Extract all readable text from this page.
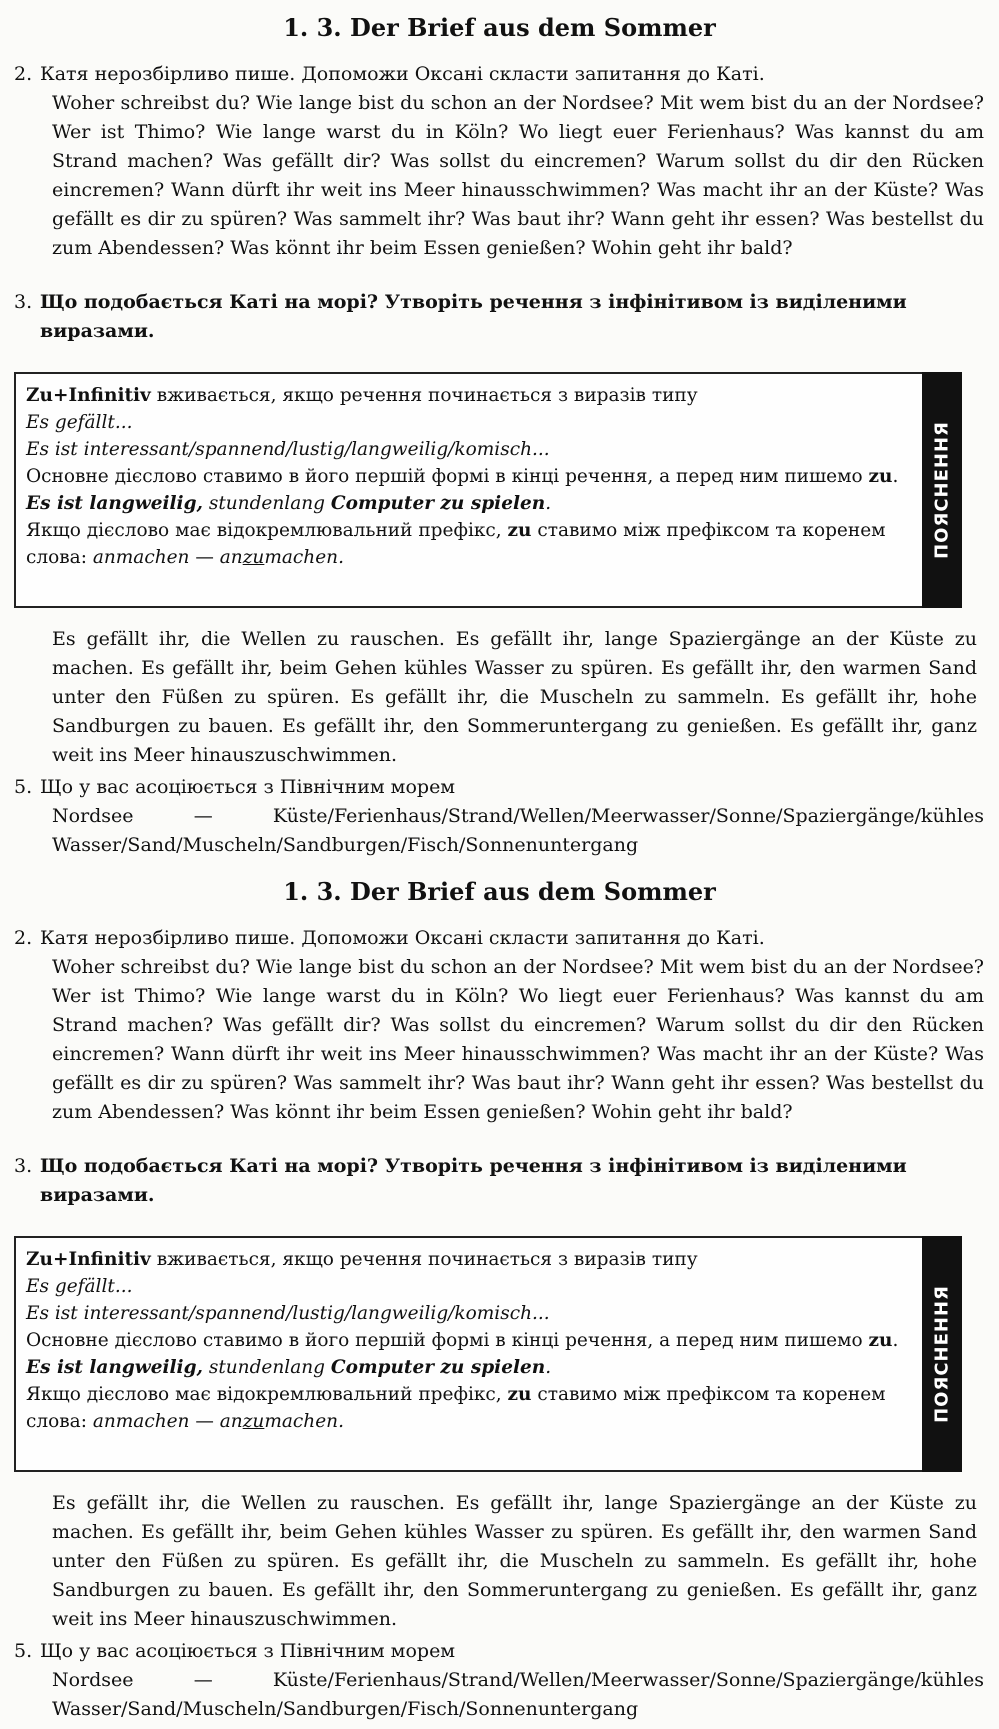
1. 3. Der Brief aus dem Sommer
2. Катя нерозбірливо пише. Допоможи Оксані скласти запитання до Каті.
Woher schreibst du? Wie lange bist du schon an der Nordsee? Mit wem bist du an der Nordsee? Wer ist Thimo? Wie lange warst du in Köln? Wo liegt euer Ferienhaus? Was kannst du am Strand machen? Was gefällt dir? Was sollst du eincremen? Warum sollst du dir den Rücken eincremen? Wann dürft ihr weit ins Meer hinausschwimmen? Was macht ihr an der Küste? Was gefällt es dir zu spüren? Was sammelt ihr? Was baut ihr? Wann geht ihr essen? Was bestellst du zum Abendessen? Was könnt ihr beim Essen genießen? Wohin geht ihr bald?
3. Що подобається Каті на морі? Утворіть речення з інфінітивом із виділеними виразами.
Zu+Infinitiv вживається, якщо речення починається з виразів типу
Es gefällt...
Es ist interessant/spannend/lustig/langweilig/komisch...
Основне дієслово ставимо в його першій формі в кінці речення, а перед ним пишемо zu.
Es ist langweilig, stundenlang Computer zu spielen.
Якщо дієслово має відокремлювальний префікс, zu ставимо між префіксом та коренем слова: anmachen — anzumachen.	ПОЯСНЕННЯ
Es gefällt ihr, die Wellen zu rauschen. Es gefällt ihr, lange Spaziergänge an der Küste zu machen. Es gefällt ihr, beim Gehen kühles Wasser zu spüren. Es gefällt ihr, den warmen Sand unter den Füßen zu spüren. Es gefällt ihr, die Muscheln zu sammeln. Es gefällt ihr, hohe Sandburgen zu bauen. Es gefällt ihr, den Sommeruntergang zu genießen. Es gefällt ihr, ganz weit ins Meer hinauszuschwimmen.
5. Що у вас асоціюється з Північним морем
Nordsee — Küste/Ferienhaus/Strand/Wellen/Meerwasser/Sonne/Spaziergänge/kühles Wasser/Sand/Muscheln/Sandburgen/Fisch/Sonnenuntergang
1. 3. Der Brief aus dem Sommer
2. Катя нерозбірливо пише. Допоможи Оксані скласти запитання до Каті.
Woher schreibst du? Wie lange bist du schon an der Nordsee? Mit wem bist du an der Nordsee? Wer ist Thimo? Wie lange warst du in Köln? Wo liegt euer Ferienhaus? Was kannst du am Strand machen? Was gefällt dir? Was sollst du eincremen? Warum sollst du dir den Rücken eincremen? Wann dürft ihr weit ins Meer hinausschwimmen? Was macht ihr an der Küste? Was gefällt es dir zu spüren? Was sammelt ihr? Was baut ihr? Wann geht ihr essen? Was bestellst du zum Abendessen? Was könnt ihr beim Essen genießen? Wohin geht ihr bald?
3. Що подобається Каті на морі? Утворіть речення з інфінітивом із виділеними виразами.
Zu+Infinitiv вживається, якщо речення починається з виразів типу
Es gefällt...
Es ist interessant/spannend/lustig/langweilig/komisch...
Основне дієслово ставимо в його першій формі в кінці речення, а перед ним пишемо zu.
Es ist langweilig, stundenlang Computer zu spielen.
Якщо дієслово має відокремлювальний префікс, zu ставимо між префіксом та коренем слова: anmachen — anzumachen.	ПОЯСНЕННЯ
Es gefällt ihr, die Wellen zu rauschen. Es gefällt ihr, lange Spaziergänge an der Küste zu machen. Es gefällt ihr, beim Gehen kühles Wasser zu spüren. Es gefällt ihr, den warmen Sand unter den Füßen zu spüren. Es gefällt ihr, die Muscheln zu sammeln. Es gefällt ihr, hohe Sandburgen zu bauen. Es gefällt ihr, den Sommeruntergang zu genießen. Es gefällt ihr, ganz weit ins Meer hinauszuschwimmen.
5. Що у вас асоціюється з Північним морем
Nordsee — Küste/Ferienhaus/Strand/Wellen/Meerwasser/Sonne/Spaziergänge/kühles Wasser/Sand/Muscheln/Sandburgen/Fisch/Sonnenuntergang
